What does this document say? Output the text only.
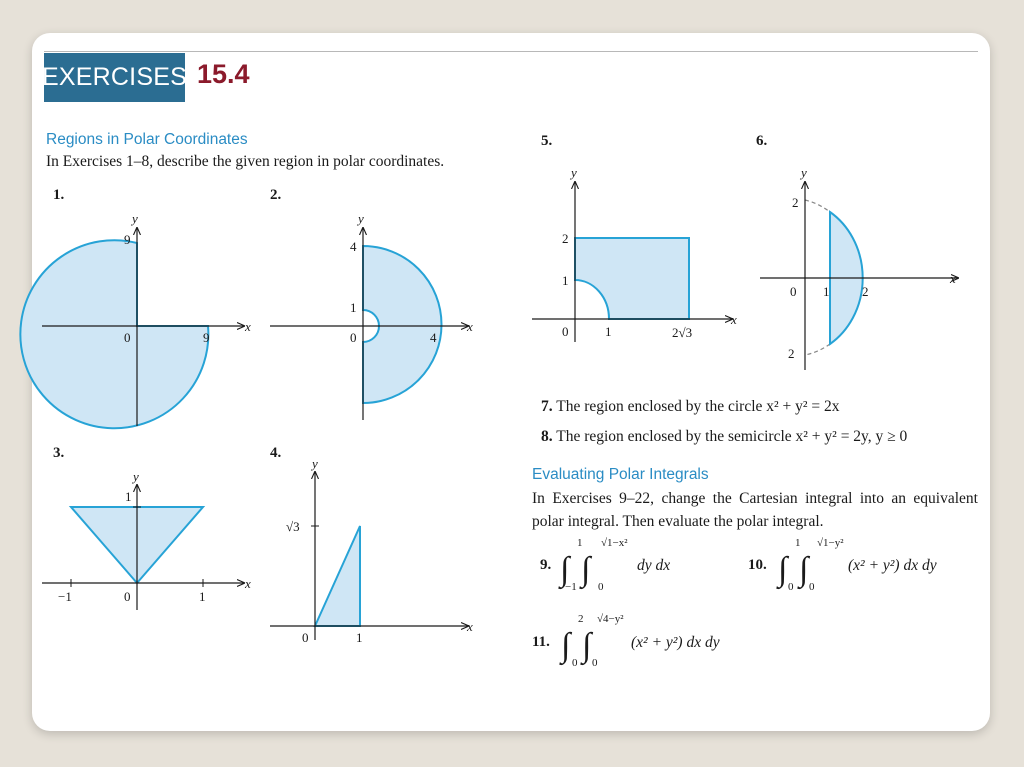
EXERCISES 15.4
Regions in Polar Coordinates
In Exercises 1–8, describe the given region in polar coordinates.
1.	2.
3.	4.
5.	6.
x
y
9
0	9
x
y
4
1
0	4
x
y
1
−1	0	1
x
y
√3
0	1
x
y
2
1
0	1	2√3
x
y
2
0 1	2
2
∫ ∫	∫ ∫
∫ ∫
1
−1
√1−x²
0
1
0
√1−y²
0
2
0
√4−y²
0
7. The region enclosed by the circle x² + y² = 2x
8. The region enclosed by the semicircle x² + y² = 2y, y ≥ 0
Evaluating Polar Integrals
In Exercises 9–22, change the Cartesian integral into an equivalent
polar integral. Then evaluate the polar integral.
9.	dy dx	10.	(x² + y²) dx dy
11.	(x² + y²) dx dy
